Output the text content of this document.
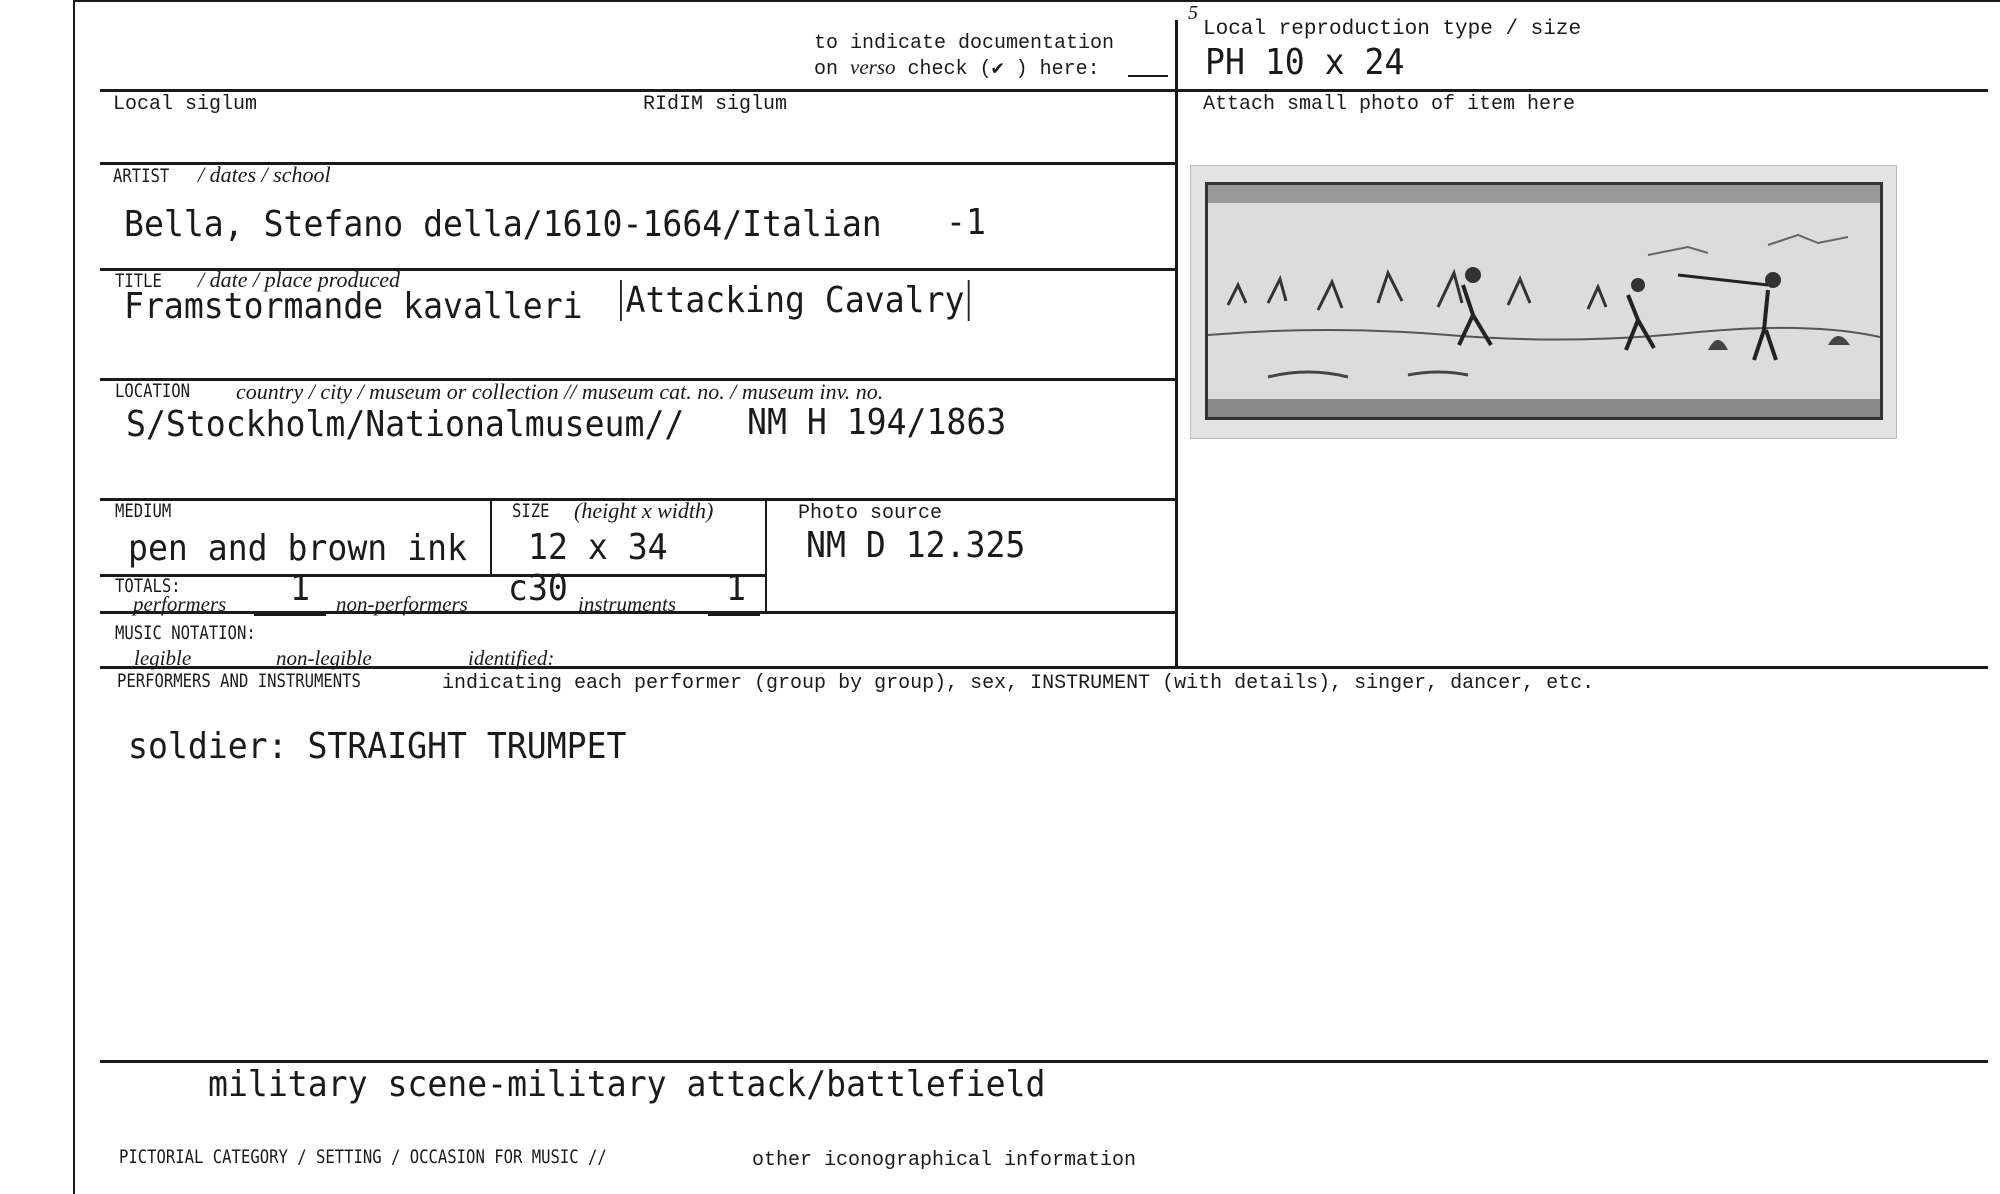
5
to indicate documentation
on verso check (✔ ) here:
Local reproduction type / size
PH 10 x 24
Local siglum	RIdIM siglum	Attach small photo of item here
ARTIST / dates / school
Bella, Stefano della/1610-1664/Italian -1
TITLE / date / place produced
Framstormande kavalleri Attacking Cavalry
LOCATION country / city / museum or collection // museum cat. no. / museum inv. no.
S/Stockholm/Nationalmuseum// NM H 194/1863
MEDIUM
pen and brown ink
SIZE (height x width)
12 x 34
Photo source
NM D 12.325
TOTALS:
performers 1 non-performers c30 instruments 1
MUSIC NOTATION:
legible	non-legible	identified:
PERFORMERS AND INSTRUMENTS	indicating each performer (group by group), sex, INSTRUMENT (with details), singer, dancer, etc.
soldier: STRAIGHT TRUMPET
military scene-military attack/battlefield
PICTORIAL CATEGORY / SETTING / OCCASION FOR MUSIC //	other iconographical information
